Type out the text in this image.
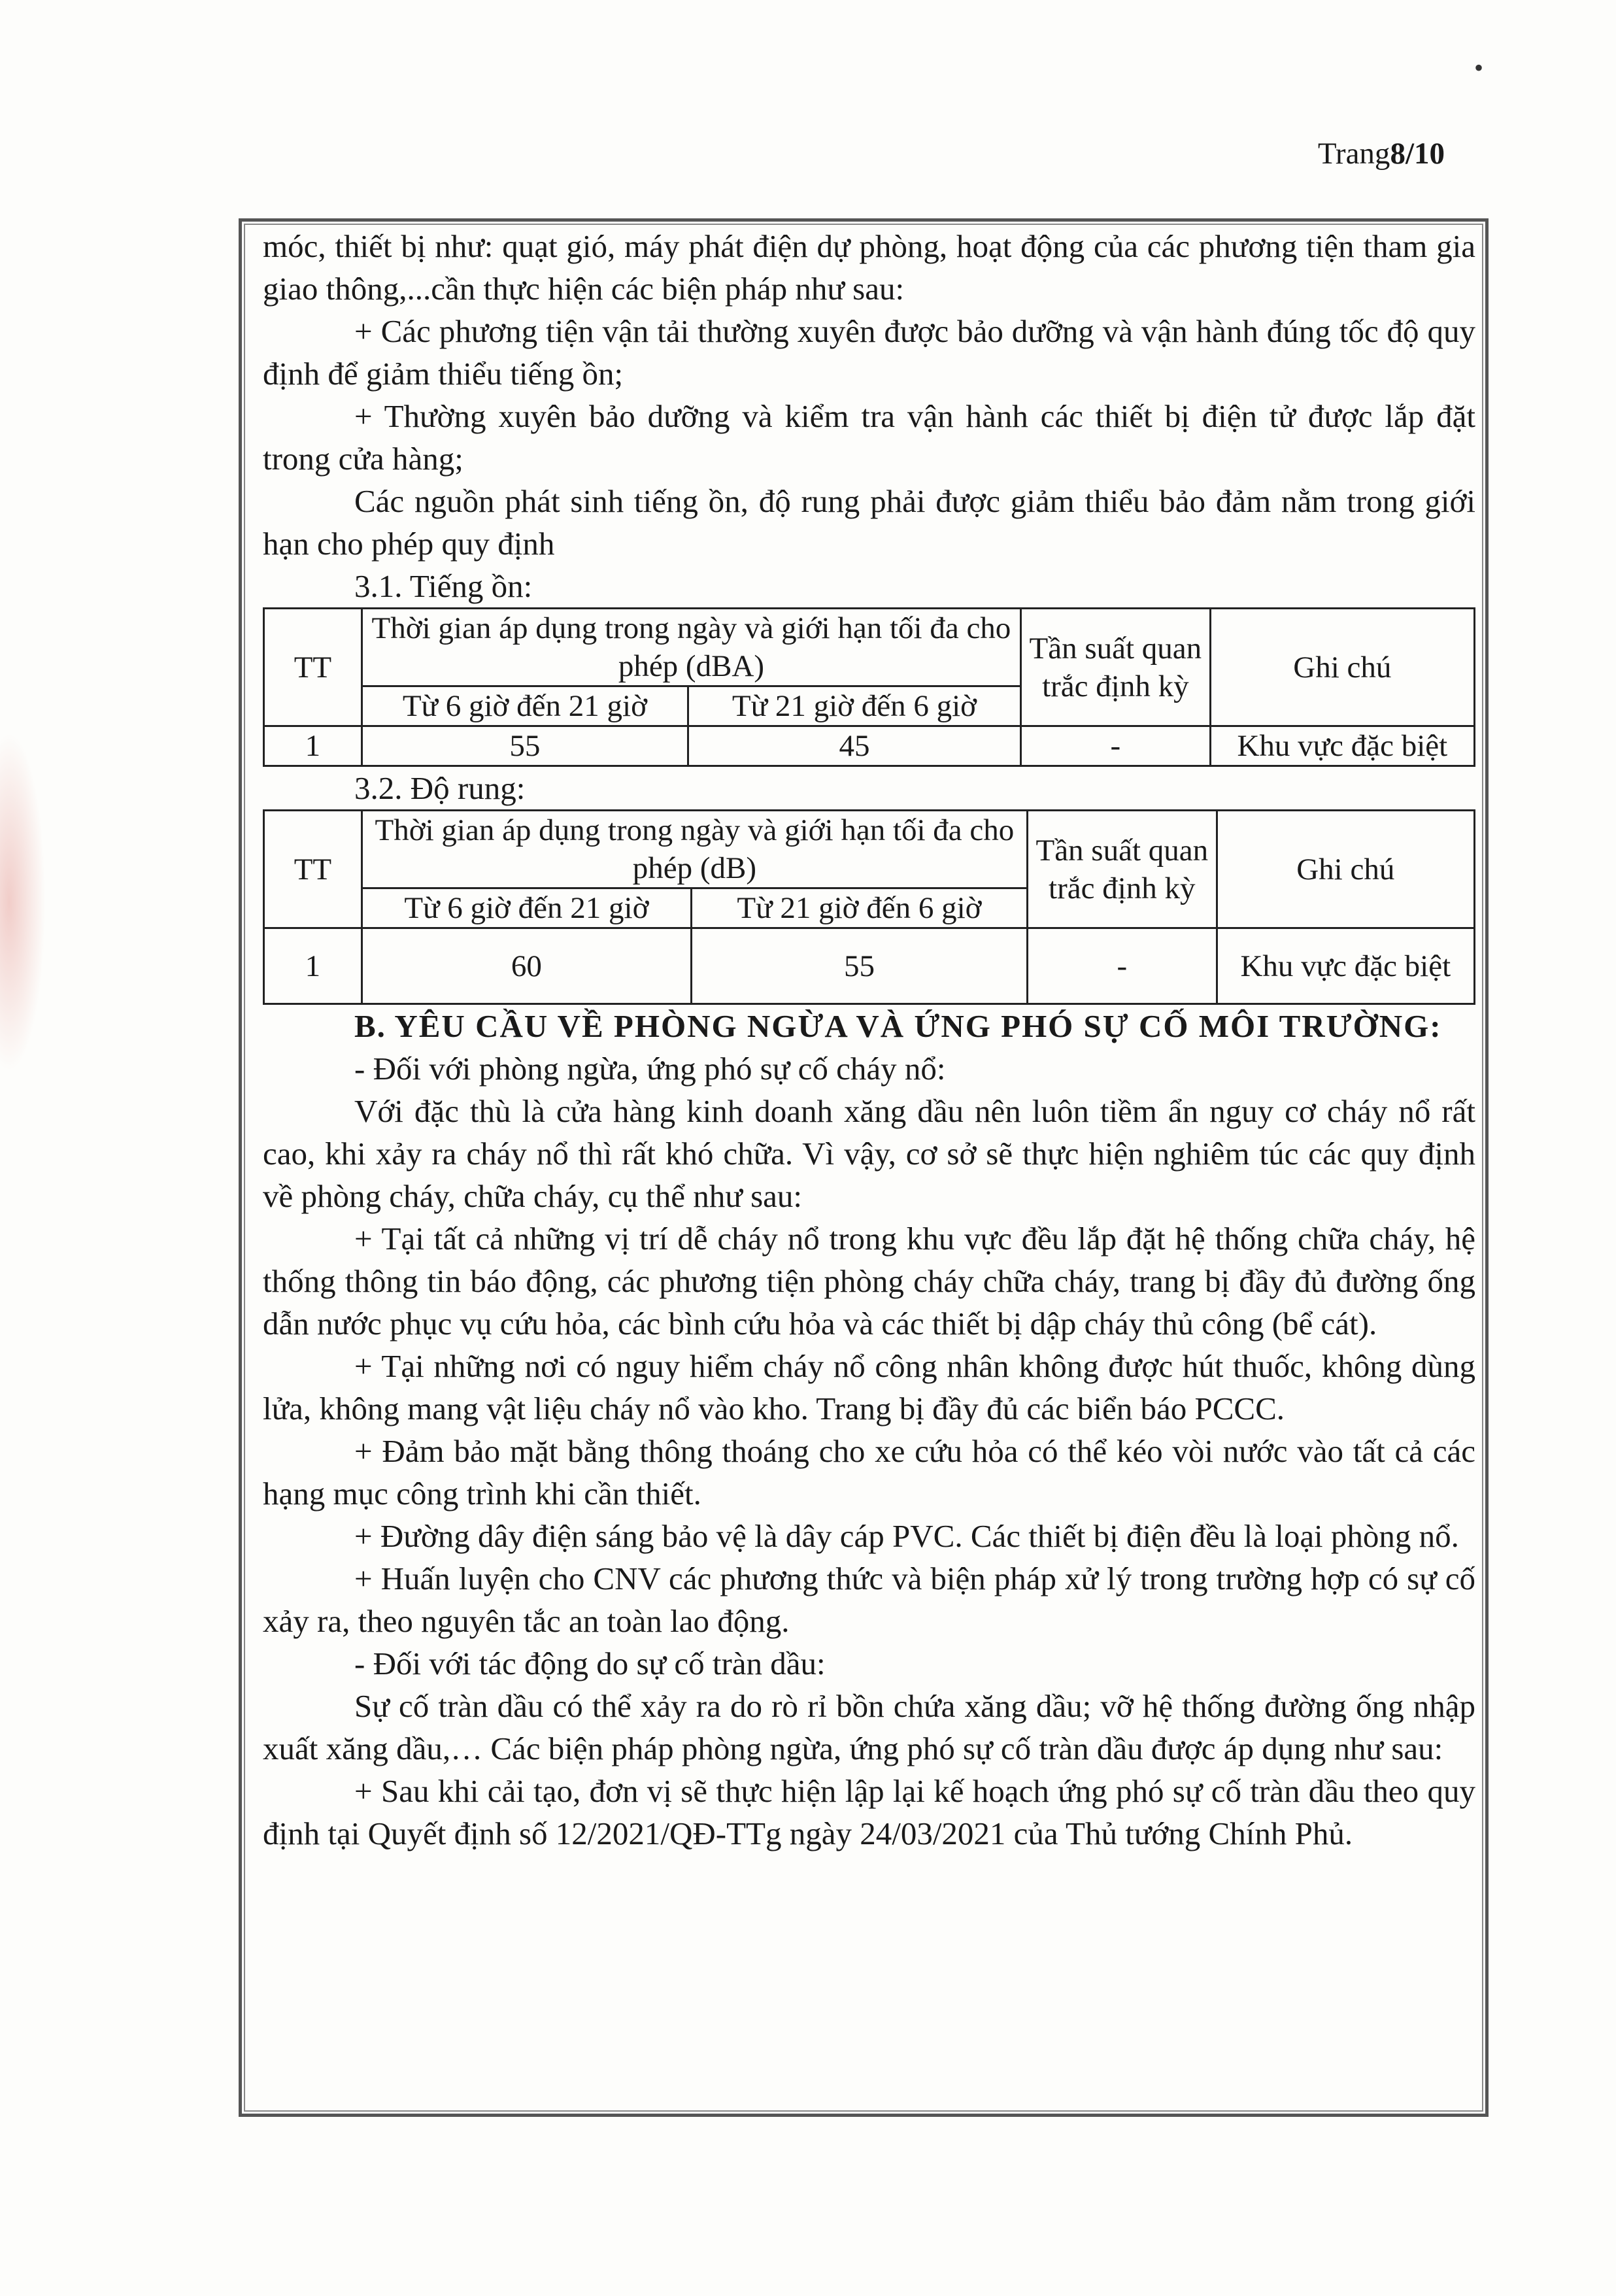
•
Trang8/10

móc, thiết bị như: quạt gió, máy phát điện dự phòng, hoạt động của các phương tiện tham gia giao thông,...cần thực hiện các biện pháp như sau:

+ Các phương tiện vận tải thường xuyên được bảo dưỡng và vận hành đúng tốc độ quy định để giảm thiểu tiếng ồn;

+ Thường xuyên bảo dưỡng và kiểm tra vận hành các thiết bị điện tử được lắp đặt trong cửa hàng;

Các nguồn phát sinh tiếng ồn, độ rung phải được giảm thiểu bảo đảm nằm trong giới hạn cho phép quy định

3.1. Tiếng ồn:

TT	Thời gian áp dụng trong ngày và giới hạn tối đa cho phép (dBA)		Tần suất quan trắc định kỳ	Ghi chú
	Từ 6 giờ đến 21 giờ	Từ 21 giờ đến 6 giờ		
1	55	45	-	Khu vực đặc biệt

3.2. Độ rung:

TT	Thời gian áp dụng trong ngày và giới hạn tối đa cho phép (dB)		Tần suất quan trắc định kỳ	Ghi chú
	Từ 6 giờ đến 21 giờ	Từ 21 giờ đến 6 giờ		
1	60	55	-	Khu vực đặc biệt

B. YÊU CẦU VỀ PHÒNG NGỪA VÀ ỨNG PHÓ SỰ CỐ MÔI TRƯỜNG:

- Đối với phòng ngừa, ứng phó sự cố cháy nổ:

Với đặc thù là cửa hàng kinh doanh xăng dầu nên luôn tiềm ẩn nguy cơ cháy nổ rất cao, khi xảy ra cháy nổ thì rất khó chữa. Vì vậy, cơ sở sẽ thực hiện nghiêm túc các quy định về phòng cháy, chữa cháy, cụ thể như sau:

+ Tại tất cả những vị trí dễ cháy nổ trong khu vực đều lắp đặt hệ thống chữa cháy, hệ thống thông tin báo động, các phương tiện phòng cháy chữa cháy, trang bị đầy đủ đường ống dẫn nước phục vụ cứu hỏa, các bình cứu hỏa và các thiết bị dập cháy thủ công (bể cát).

+ Tại những nơi có nguy hiểm cháy nổ công nhân không được hút thuốc, không dùng lửa, không mang vật liệu cháy nổ vào kho. Trang bị đầy đủ các biển báo PCCC.

+ Đảm bảo mặt bằng thông thoáng cho xe cứu hỏa có thể kéo vòi nước vào tất cả các hạng mục công trình khi cần thiết.

+ Đường dây điện sáng bảo vệ là dây cáp PVC. Các thiết bị điện đều là loại phòng nổ.

+ Huấn luyện cho CNV các phương thức và biện pháp xử lý trong trường hợp có sự cố xảy ra, theo nguyên tắc an toàn lao động.

- Đối với tác động do sự cố tràn dầu:

Sự cố tràn dầu có thể xảy ra do rò rỉ bồn chứa xăng dầu; vỡ hệ thống đường ống nhập xuất xăng dầu,… Các biện pháp phòng ngừa, ứng phó sự cố tràn dầu được áp dụng như sau:

+ Sau khi cải tạo, đơn vị sẽ thực hiện lập lại kế hoạch ứng phó sự cố tràn dầu theo quy định tại Quyết định số 12/2021/QĐ-TTg ngày 24/03/2021 của Thủ tướng Chính Phủ.
